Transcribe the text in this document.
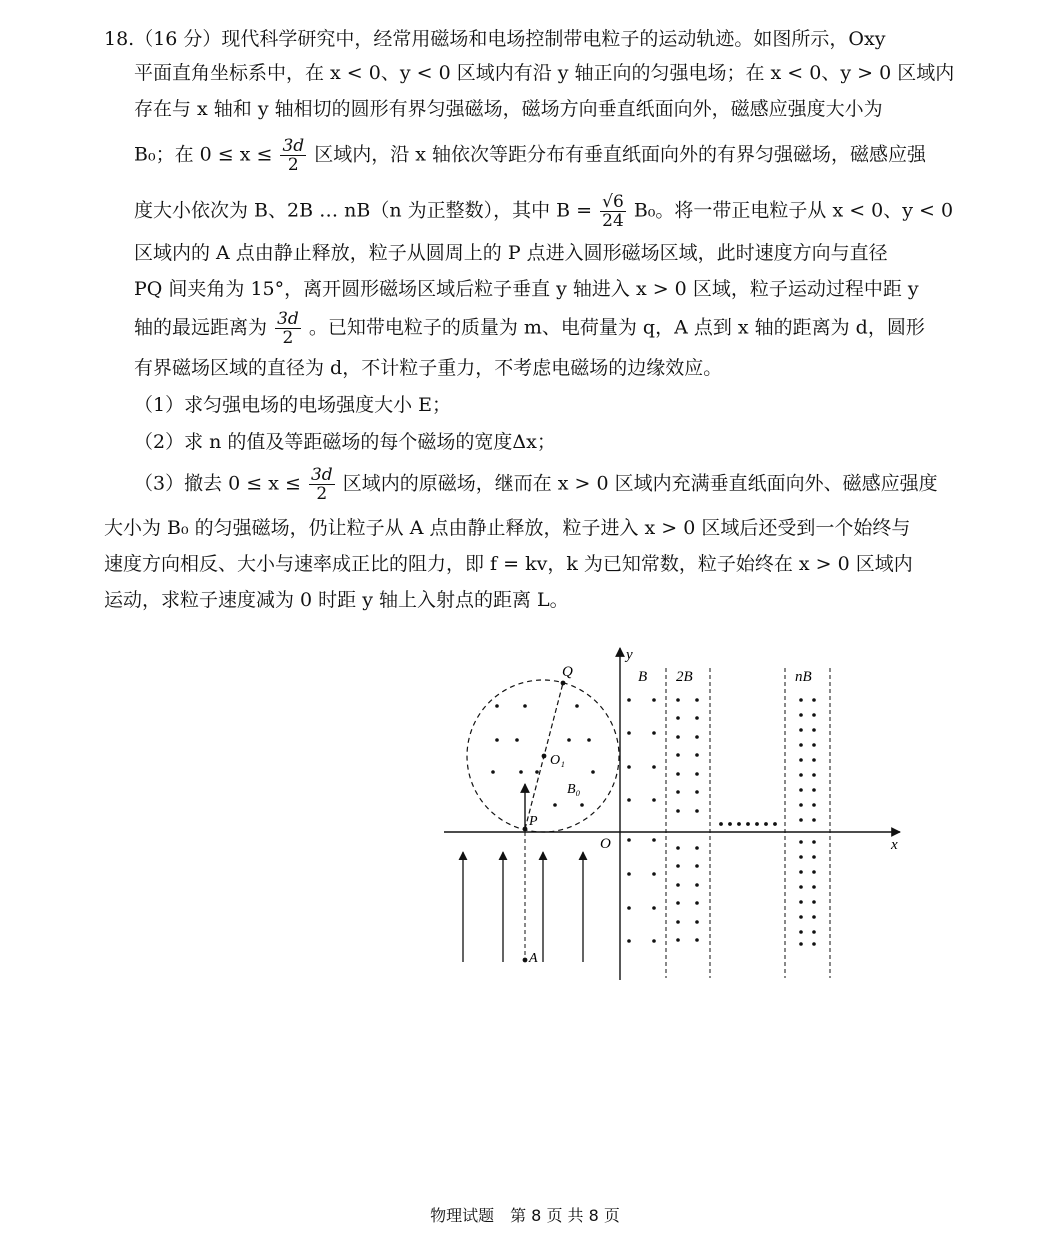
18.（16 分）现代科学研究中，经常用磁场和电场控制带电粒子的运动轨迹。如图所示，Oxy
平面直角坐标系中，在 x < 0、y < 0 区域内有沿 y 轴正向的匀强电场；在 x < 0、y > 0 区域内
存在与 x 轴和 y 轴相切的圆形有界匀强磁场，磁场方向垂直纸面向外，磁感应强度大小为
B₀；在 $0 \le x \le \frac{3d}{2}$ 区域内，沿 x 轴依次等距分布有垂直纸面向外的有界匀强磁场，磁感应强
度大小依次为 B、2B … nB（n 为正整数），其中 $B = \frac{√6}{24} B_0$。将一带正电粒子从 x < 0、y < 0
区域内的 A 点由静止释放，粒子从圆周上的 P 点进入圆形磁场区域，此时速度方向与直径
PQ 间夹角为 15°，离开圆形磁场区域后粒子垂直 y 轴进入 x > 0 区域，粒子运动过程中距 y
轴的最远距离为 $\frac{3d}{2}$ 。已知带电粒子的质量为 m、电荷量为 q，A 点到 x 轴的距离为 d，圆形
有界磁场区域的直径为 d，不计粒子重力，不考虑电磁场的边缘效应。
（1）求匀强电场的电场强度大小 E；
（2）求 n 的值及等距磁场的每个磁场的宽度Δx；
（3）撤去 $0 \le x \le \frac{3d}{2}$ 区域内的原磁场，继而在 x > 0 区域内充满垂直纸面向外、磁感应强度
大小为 B₀ 的匀强磁场，仍让粒子从 A 点由静止释放，粒子进入 x > 0 区域后还受到一个始终与
速度方向相反、大小与速率成正比的阻力，即 f = kv，k 为已知常数，粒子始终在 x > 0 区域内
运动，求粒子速度减为 0 时距 y 轴上入射点的距离 L。
x
y
O
Q
O₁
B₀
P
A
B 2B	nB
物理试题　第 8 页 共 8 页
